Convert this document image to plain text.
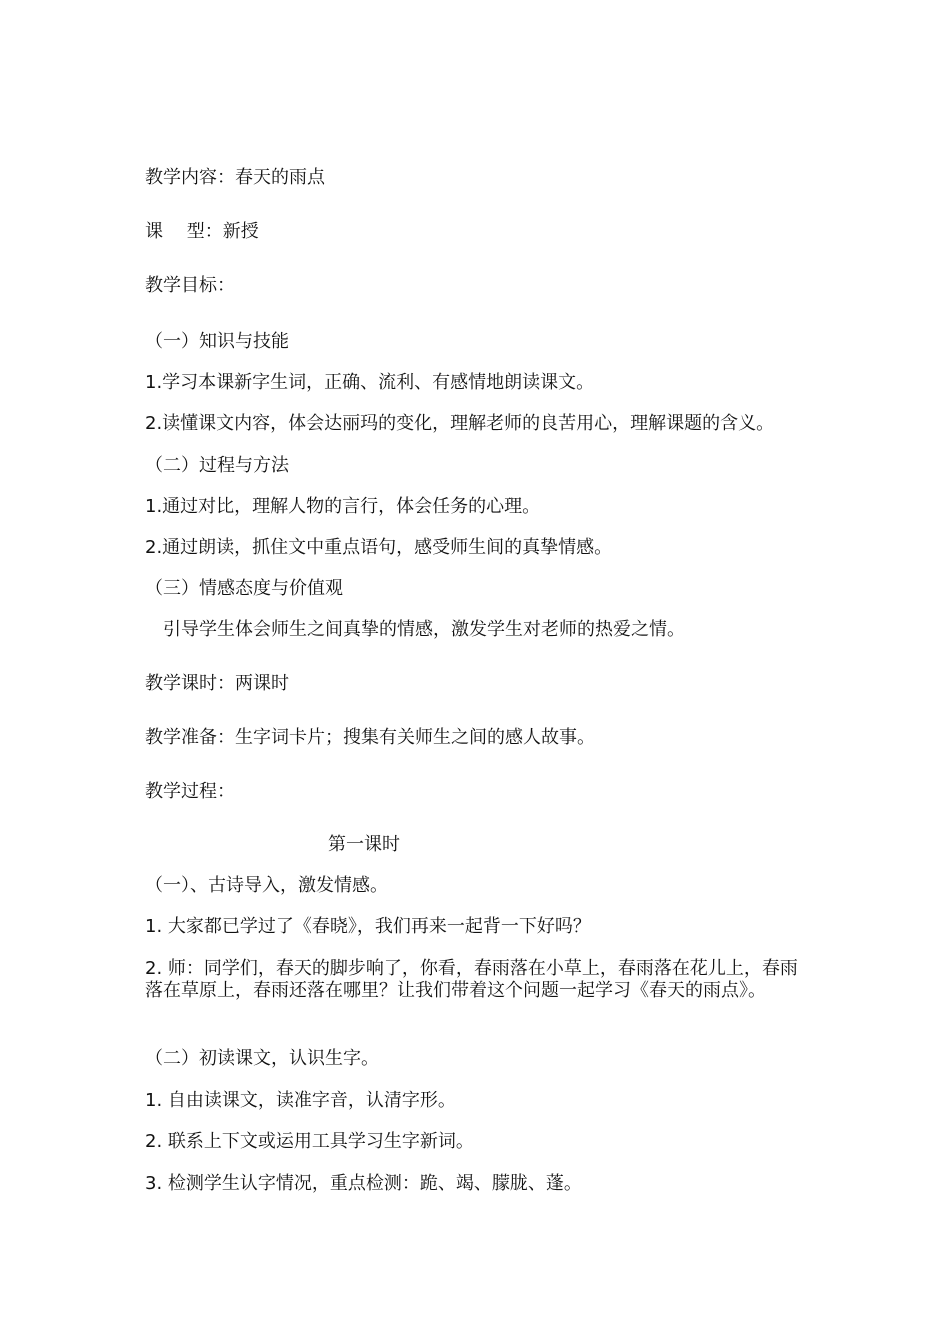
教学内容：春天的雨点
课　 型：新授
教学目标：
（一）知识与技能
1.学习本课新字生词，正确、流利、有感情地朗读课文。
2.读懂课文内容，体会达丽玛的变化，理解老师的良苦用心，理解课题的含义。
（二）过程与方法
1.通过对比，理解人物的言行，体会任务的心理。
2.通过朗读，抓住文中重点语句，感受师生间的真挚情感。
（三）情感态度与价值观
　引导学生体会师生之间真挚的情感，激发学生对老师的热爱之情。
教学课时：两课时
教学准备：生字词卡片；搜集有关师生之间的感人故事。
教学过程：
第一课时
（一）、古诗导入，激发情感。
1. 大家都已学过了《春晓》，我们再来一起背一下好吗？
2. 师：同学们，春天的脚步响了，你看，春雨落在小草上，春雨落在花儿上，春雨落在草原上，春雨还落在哪里？让我们带着这个问题一起学习《春天的雨点》。
（二）初读课文，认识生字。
1. 自由读课文，读准字音，认清字形。
2. 联系上下文或运用工具学习生字新词。
3. 检测学生认字情况，重点检测：跪、竭、朦胧、蓬。
